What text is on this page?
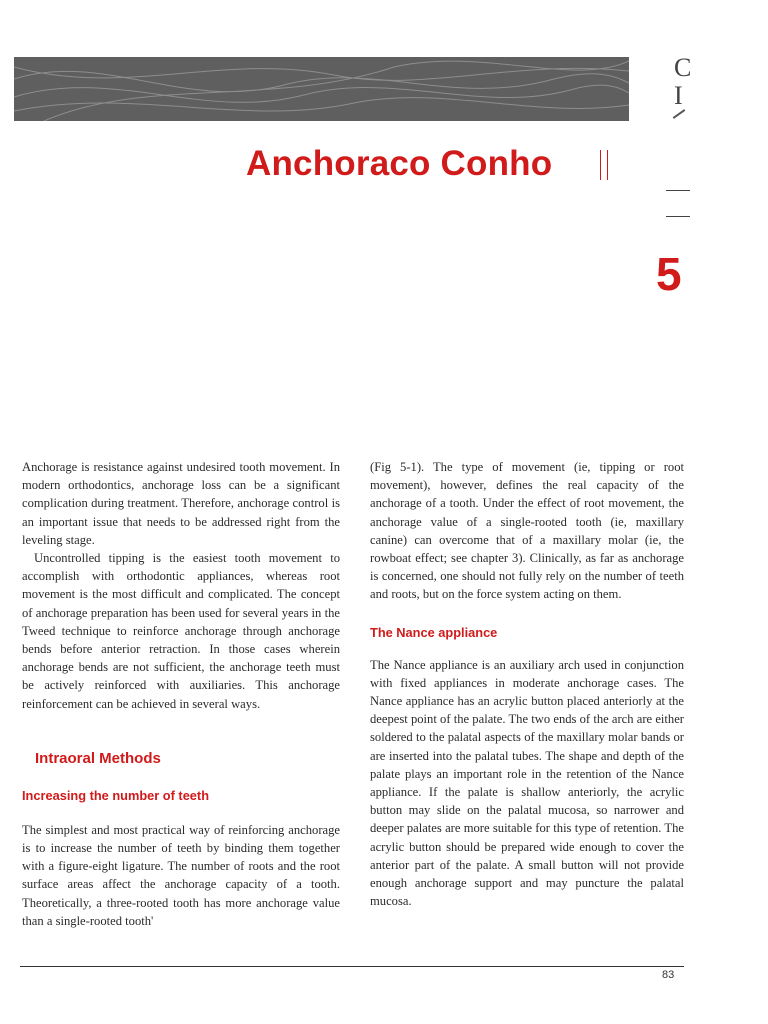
C
I
Anchoraco Conho
5

Anchorage is resistance against undesired tooth movement. In modern orthodontics, anchorage loss can be a significant complication during treatment. Therefore, anchorage control is an important issue that needs to be addressed right from the leveling stage.

Uncontrolled tipping is the easiest tooth movement to accomplish with orthodontic appliances, whereas root movement is the most difficult and complicated. The concept of anchorage preparation has been used for several years in the Tweed technique to reinforce anchorage through anchorage bends before anterior retraction. In those cases wherein anchorage bends are not sufficient, the anchorage teeth must be actively reinforced with auxiliaries. This anchorage reinforcement can be achieved in several ways.

Intraoral Methods
Increasing the number of teeth

The simplest and most practical way of reinforcing anchorage is to increase the number of teeth by binding them together with a figure-eight ligature. The number of roots and the root surface areas affect the anchorage capacity of a tooth. Theoretically, a three-rooted tooth has more anchorage value than a single-rooted tooth'

(Fig 5-1). The type of movement (ie, tipping or root movement), however, defines the real capacity of the anchorage of a tooth. Under the effect of root movement, the anchorage value of a single-rooted tooth (ie, maxillary canine) can overcome that of a maxillary molar (ie, the rowboat effect; see chapter 3). Clinically, as far as anchorage is concerned, one should not fully rely on the number of teeth and roots, but on the force system acting on them.

The Nance appliance

The Nance appliance is an auxiliary arch used in conjunction with fixed appliances in moderate anchorage cases. The Nance appliance has an acrylic button placed anteriorly at the deepest point of the palate. The two ends of the arch are either soldered to the palatal aspects of the maxillary molar bands or are inserted into the palatal tubes. The shape and depth of the palate plays an important role in the retention of the Nance appliance. If the palate is shallow anteriorly, the acrylic button may slide on the palatal mucosa, so narrower and deeper palates are more suitable for this type of retention. The acrylic button should be prepared wide enough to cover the anterior part of the palate. A small button will not provide enough anchorage support and may puncture the palatal mucosa.

83
